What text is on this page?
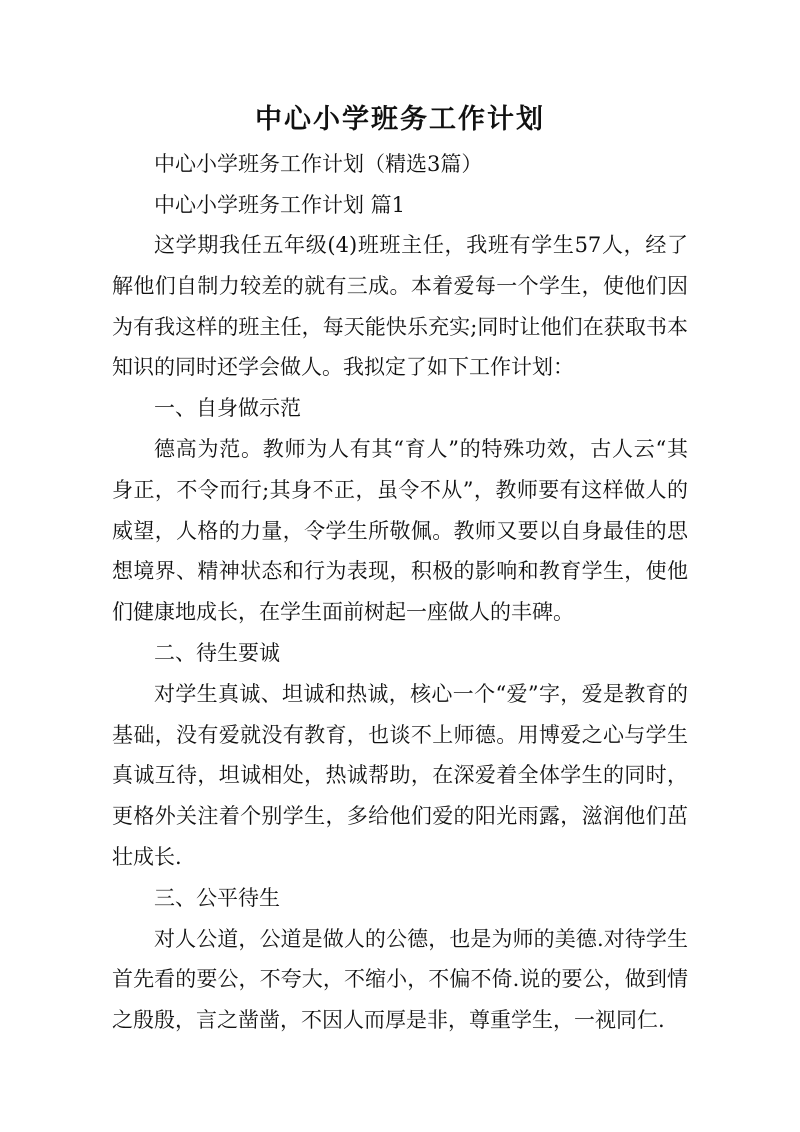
中心小学班务工作计划

中心小学班务工作计划（精选3篇）

中心小学班务工作计划 篇1

这学期我任五年级(4)班班主任，我班有学生57人，经了解他们自制力较差的就有三成。本着爱每一个学生，使他们因为有我这样的班主任，每天能快乐充实;同时让他们在获取书本知识的同时还学会做人。我拟定了如下工作计划：

一、自身做示范

德高为范。教师为人有其“育人”的特殊功效，古人云“其身正，不令而行;其身不正，虽令不从”，教师要有这样做人的威望，人格的力量，令学生所敬佩。教师又要以自身最佳的思想境界、精神状态和行为表现，积极的影响和教育学生，使他们健康地成长，在学生面前树起一座做人的丰碑。

二、待生要诚

对学生真诚、坦诚和热诚，核心一个“爱”字，爱是教育的基础，没有爱就没有教育，也谈不上师德。用博爱之心与学生真诚互待，坦诚相处，热诚帮助，在深爱着全体学生的同时，更格外关注着个别学生，多给他们爱的阳光雨露，滋润他们茁壮成长.

三、公平待生

对人公道，公道是做人的公德，也是为师的美德.对待学生首先看的要公，不夸大，不缩小，不偏不倚.说的要公，做到情之殷殷，言之凿凿，不因人而厚是非，尊重学生，一视同仁.
